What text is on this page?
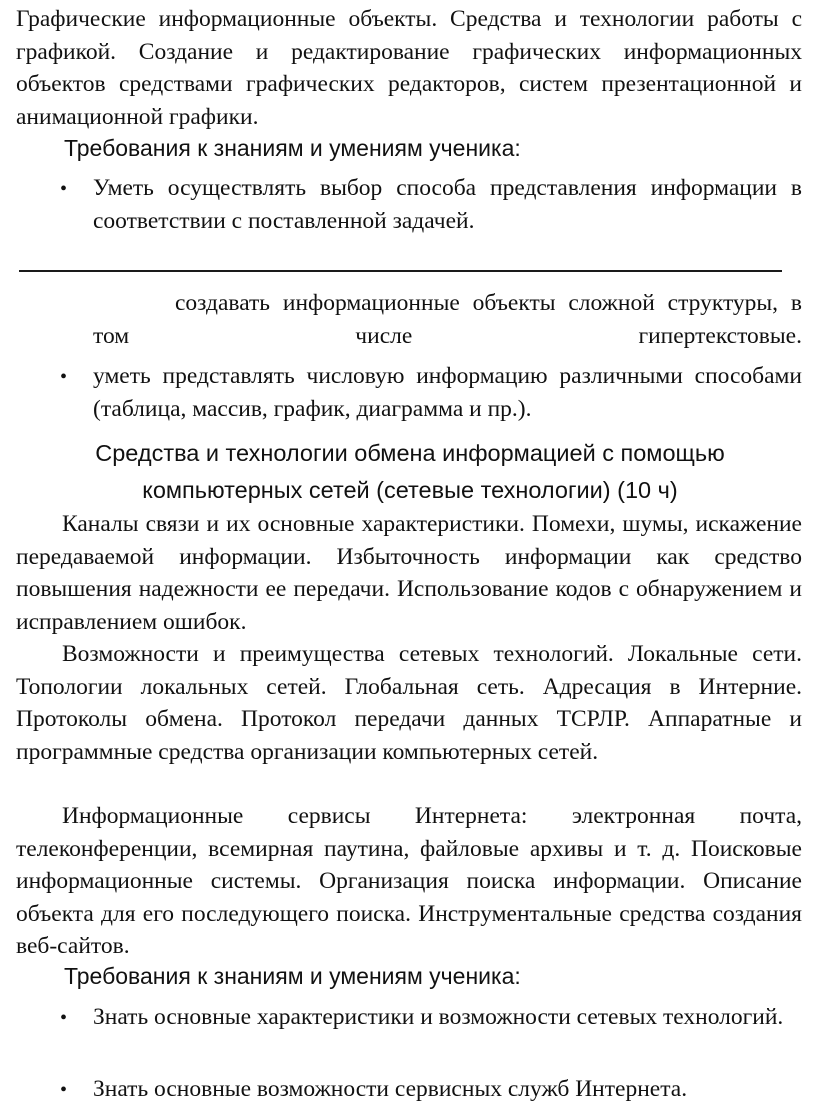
Графические информационные объекты. Средства и технологии работы с графикой. Создание и редактирование графических информационных объектов средствами графических редакторов, систем презентационной и анимационной графики.

Требования к знаниям и умениям ученика:

• Уметь осуществлять выбор способа представления информации в соответствии с поставленной задачей.

создавать информационные объекты сложной структуры, в том числе гипертекстовые.

• уметь представлять числовую информацию различными способами (таблица, массив, график, диаграмма и пр.).

Средства и технологии обмена информацией с помощью

компьютерных сетей (сетевые технологии) (10 ч)

Каналы связи и их основные характеристики. Помехи, шумы, искажение передаваемой информации. Избыточность информации как средство повышения надежности ее передачи. Использование кодов с обнаружением и исправлением ошибок.

Возможности и преимущества сетевых технологий. Локальные сети. Топологии локальных сетей. Глобальная сеть. Адресация в Интерние. Протоколы обмена. Протокол передачи данных ТСРЛР. Аппаратные и программные средства организации компьютерных сетей.

Информационные сервисы Интернета: электронная почта, телеконференции, всемирная паутина, файловые архивы и т. д. Поисковые информационные системы. Организация поиска информации. Описание объекта для его последующего поиска. Инструментальные средства создания веб-сайтов.

Требования к знаниям и умениям ученика:

• Знать основные характеристики и возможности сетевых технологий.

• Знать основные возможности сервисных служб Интернета.
